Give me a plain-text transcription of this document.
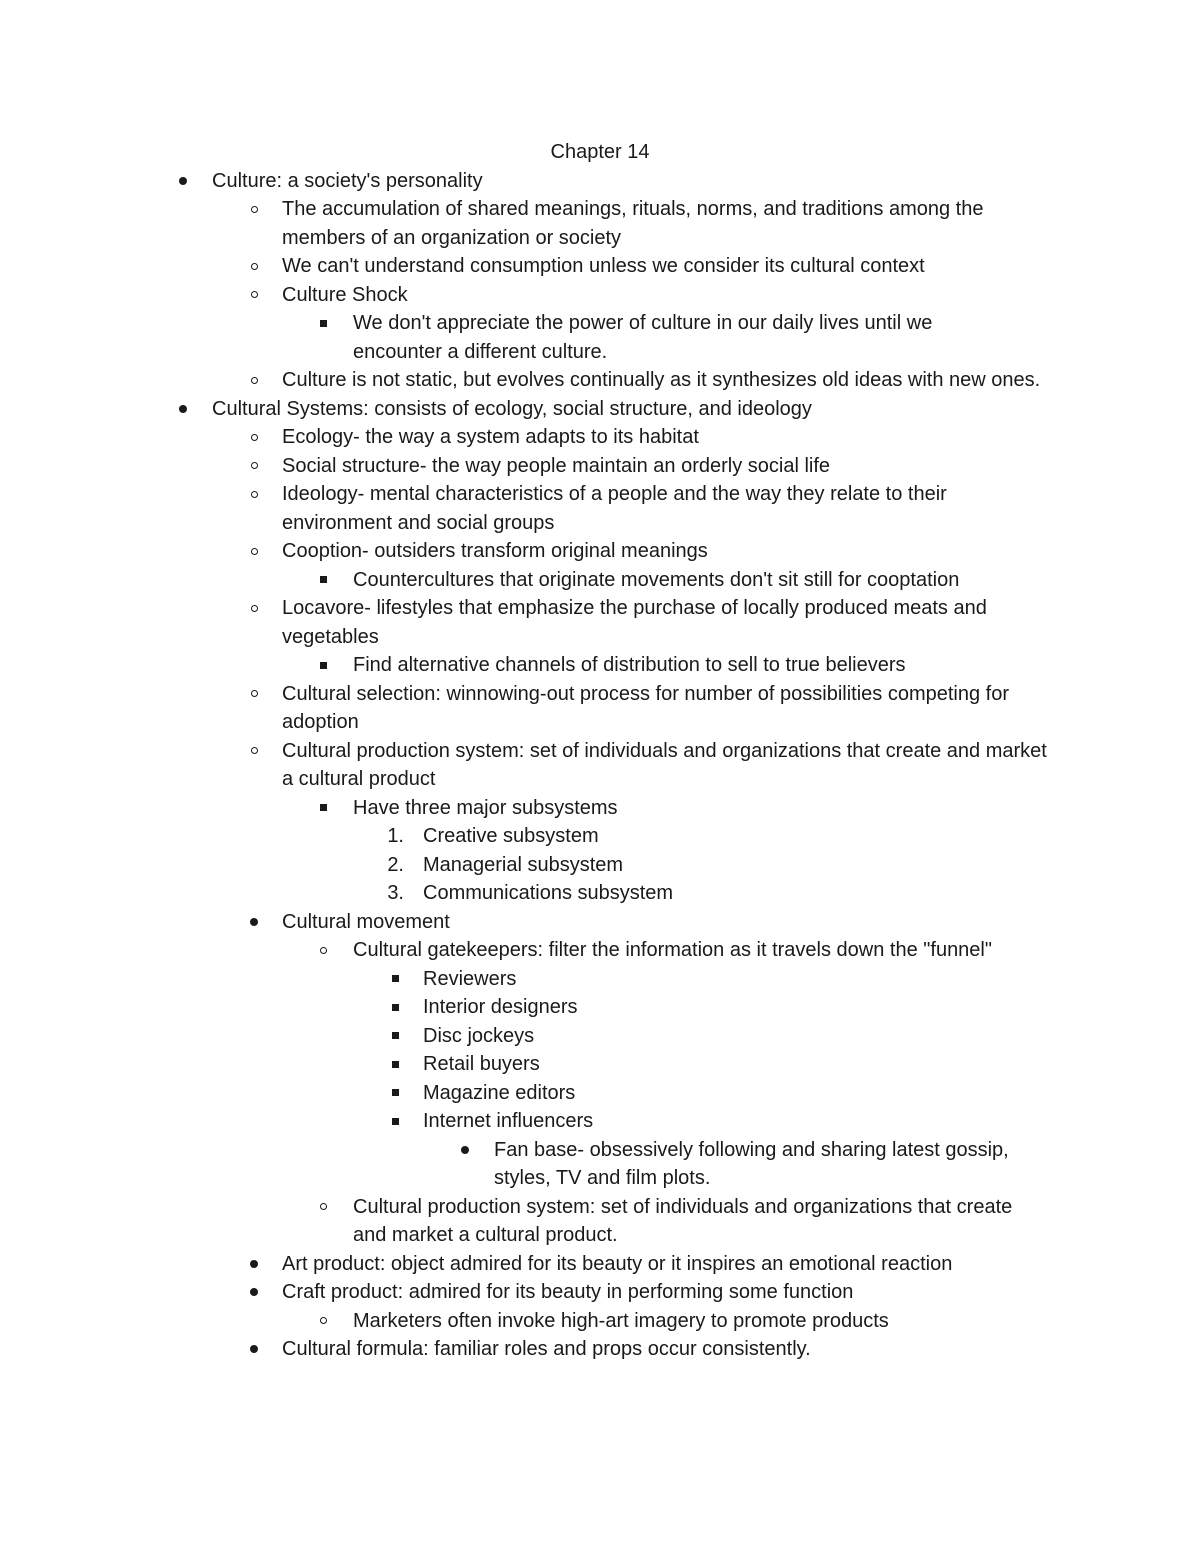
Chapter 14
Culture: a society's personality
The accumulation of shared meanings, rituals, norms, and traditions among the members of an organization or society
We can't understand consumption unless we consider its cultural context
Culture Shock
We don't appreciate the power of culture in our daily lives until we encounter a different culture.
Culture is not static, but evolves continually as it synthesizes old ideas with new ones.
Cultural Systems: consists of ecology, social structure, and ideology
Ecology- the way a system adapts to its habitat
Social structure- the way people maintain an orderly social life
Ideology- mental characteristics of a people and the way they relate to their environment and social groups
Cooption- outsiders transform original meanings
Countercultures that originate movements don't sit still for cooptation
Locavore- lifestyles that emphasize the purchase of locally produced meats and vegetables
Find alternative channels of distribution to sell to true believers
Cultural selection: winnowing-out process for number of possibilities competing for adoption
Cultural production system: set of individuals and organizations that create and market a cultural product
Have three major subsystems
1. Creative subsystem
2. Managerial subsystem
3. Communications subsystem
Cultural movement
Cultural gatekeepers: filter the information as it travels down the "funnel"
Reviewers
Interior designers
Disc jockeys
Retail buyers
Magazine editors
Internet influencers
Fan base- obsessively following and sharing latest gossip, styles, TV and film plots.
Cultural production system: set of individuals and organizations that create and market a cultural product.
Art product: object admired for its beauty or it inspires an emotional reaction
Craft product: admired for its beauty in performing some function
Marketers often invoke high-art imagery to promote products
Cultural formula: familiar roles and props occur consistently.
